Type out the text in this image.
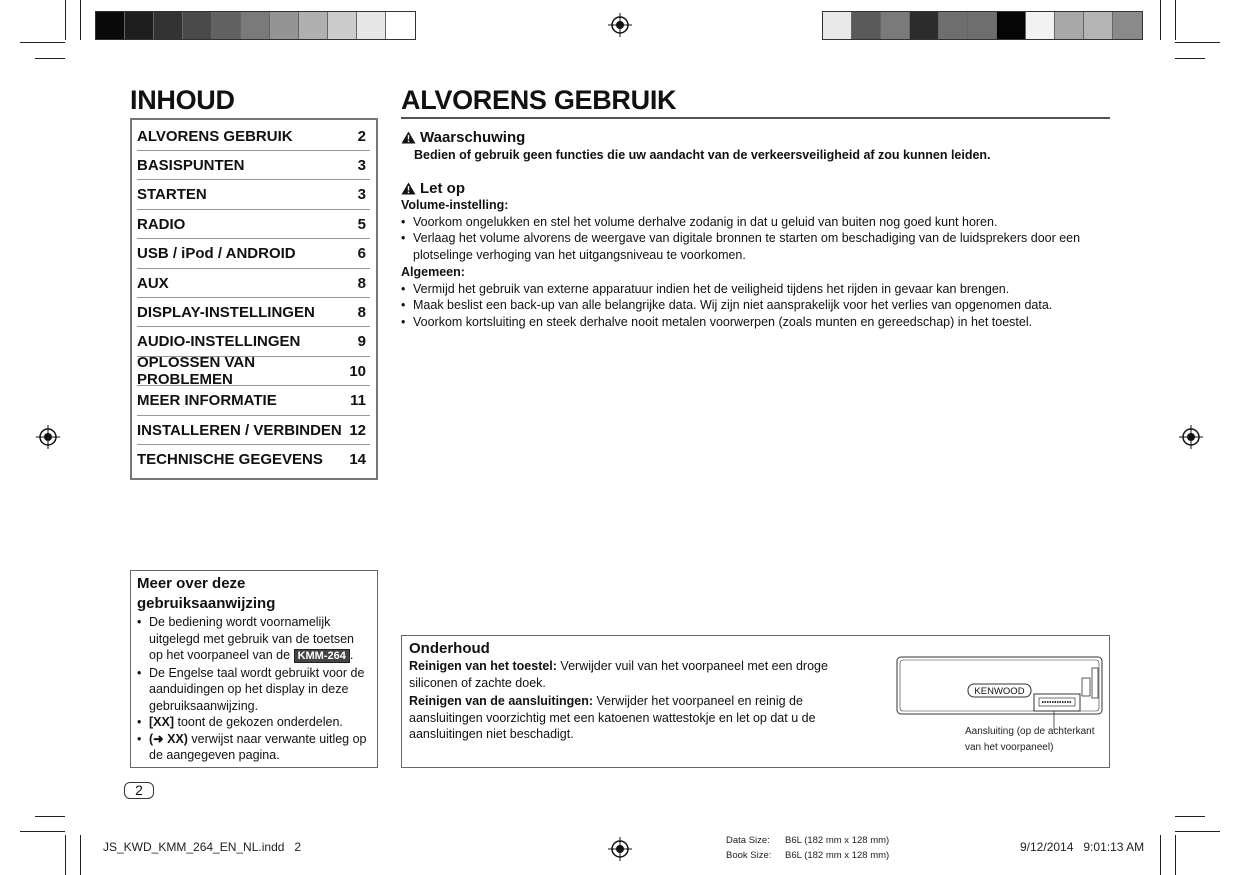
INHOUD
ALVORENS GEBRUIK	2
BASISPUNTEN	3
STARTEN	3
RADIO	5
USB / iPod / ANDROID	6
AUX	8
DISPLAY-INSTELLINGEN	8
AUDIO-INSTELLINGEN	9
OPLOSSEN VAN PROBLEMEN	10
MEER INFORMATIE	11
INSTALLEREN / VERBINDEN 12
TECHNISCHE GEGEVENS 14
ALVORENS GEBRUIK
Waarschuwing
Bedien of gebruik geen functies die uw aandacht van de verkeersveiligheid af zou kunnen leiden.
Let op
Volume-instelling:
• Voorkom ongelukken en stel het volume derhalve zodanig in dat u geluid van buiten nog goed kunt horen.
• Verlaag het volume alvorens de weergave van digitale bronnen te starten om beschadiging van de luidsprekers door een plotselinge verhoging van het uitgangsniveau te voorkomen.
Algemeen:
• Vermijd het gebruik van externe apparatuur indien het de veiligheid tijdens het rijden in gevaar kan brengen.
• Maak beslist een back-up van alle belangrijke data. Wij zijn niet aansprakelijk voor het verlies van opgenomen data.
• Voorkom kortsluiting en steek derhalve nooit metalen voorwerpen (zoals munten en gereedschap) in het toestel.
Meer over deze gebruiksaanwijzing
• De bediening wordt voornamelijk uitgelegd met gebruik van de toetsen op het voorpaneel van de KMM-264 .
• De Engelse taal wordt gebruikt voor de aanduidingen op het display in deze gebruiksaanwijzing.
• [XX] toont de gekozen onderdelen.
• (➜ XX) verwijst naar verwante uitleg op de aangegeven pagina.
Onderhoud
Reinigen van het toestel: Verwijder vuil van het voorpaneel met een droge siliconen of zachte doek.
Reinigen van de aansluitingen: Verwijder het voorpaneel en reinig de aansluitingen voorzichtig met een katoenen wattestokje en let op dat u de aansluitingen niet beschadigt.
KENWOOD
Aansluiting (op de achterkant van het voorpaneel)
2
JS_KWD_KMM_264_EN_NL.indd   2	Data Size:	B6L (182 mm x 128 mm)
Book Size:	B6L (182 mm x 128 mm)
9/12/2014   9:01:13 AM
